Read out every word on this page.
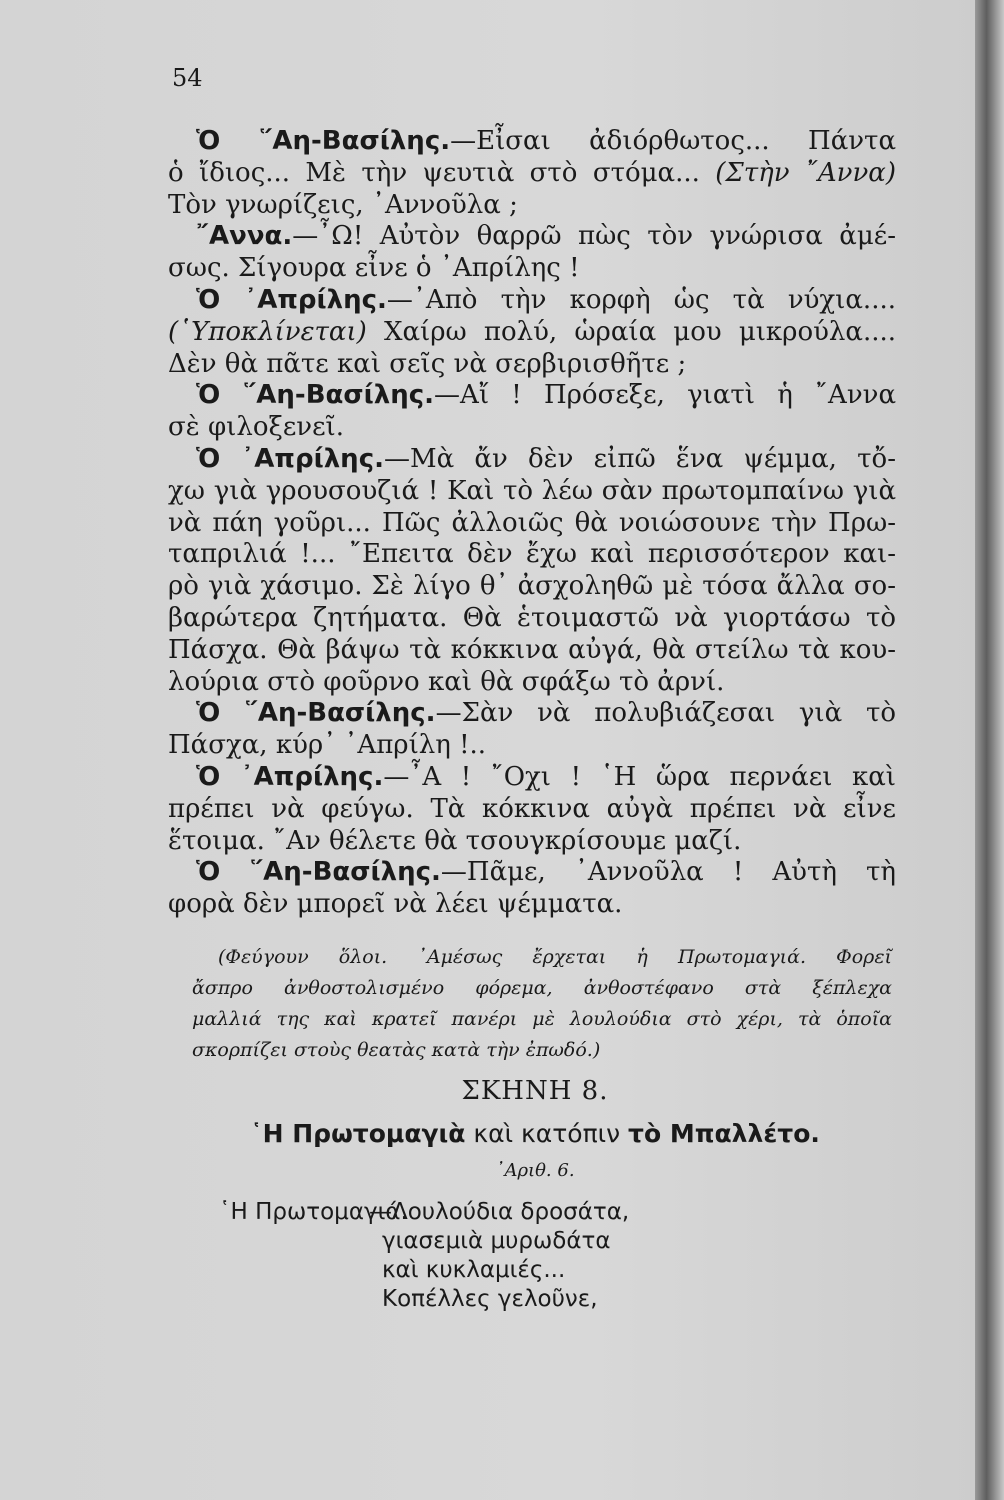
54
Ὁ ῞Αη-Βασίλης.—Εἶσαι ἀδιόρθωτος... Πάντα
ὁ ἴδιος... Μὲ τὴν ψευτιὰ στὸ στόμα... (Στὴν ῎Αννα)
Τὸν γνωρίζεις, ᾿Αννοῦλα ;
῎Αννα.—῏Ω! Αὐτὸν θαρρῶ πὼς τὸν γνώρισα ἀμέ-
σως. Σίγουρα εἶνε ὁ ᾿Απρίλης !
Ὁ ᾿Απρίλης.—᾿Απὸ τὴν κορφὴ ὡς τὰ νύχια....
(῾Υποκλίνεται) Χαίρω πολύ, ὡραία μου μικρούλα....
Δὲν θὰ πᾶτε καὶ σεῖς νὰ σερβιρισθῆτε ;
Ὁ ῞Αη-Βασίλης.—Αἴ ! Πρόσεξε, γιατὶ ἡ ῎Αννα
σὲ φιλοξενεῖ.
Ὁ ᾿Απρίλης.—Μὰ ἄν δὲν εἰπῶ ἕνα ψέμμα, τὄ-
χω γιὰ γρουσουζιά ! Καὶ τὸ λέω σὰν πρωτομπαίνω γιὰ
νὰ πάη γοῦρι... Πῶς ἀλλοιῶς θὰ νοιώσουνε τὴν Πρω-
ταπριλιά !... ῎Επειτα δὲν ἔχω καὶ περισσότερον και-
ρὸ γιὰ χάσιμο. Σὲ λίγο θ᾿ ἀσχοληθῶ μὲ τόσα ἄλλα σο-
βαρώτερα ζητήματα. Θὰ ἑτοιμαστῶ νὰ γιορτάσω τὸ
Πάσχα. Θὰ βάψω τὰ κόκκινα αὐγά, θὰ στείλω τὰ κου-
λούρια στὸ φοῦρνο καὶ θὰ σφάξω τὸ ἀρνί.
Ὁ ῞Αη-Βασίλης.—Σὰν νὰ πολυβιάζεσαι γιὰ τὸ
Πάσχα, κύρ᾿ ᾿Απρίλη !..
Ὁ ᾿Απρίλης.—῏Α ! ῎Οχι ! ῾Η ὥρα περνάει καὶ
πρέπει νὰ φεύγω. Τὰ κόκκινα αὐγὰ πρέπει νὰ εἶνε
ἕτοιμα. ῎Αν θέλετε θὰ τσουγκρίσουμε μαζί.
Ὁ ῞Αη-Βασίλης.—Πᾶμε, ᾿Αννοῦλα ! Αὐτὴ τὴ
φορὰ δὲν μπορεῖ νὰ λέει ψέμματα.
(Φεύγουν ὅλοι. ᾿Αμέσως ἔρχεται ἡ Πρωτομαγιά. Φορεῖ
ἄσπρο ἀνθοστολισμένο φόρεμα, ἀνθοστέφανο στὰ ξέπλεχα
μαλλιά της καὶ κρατεῖ πανέρι μὲ λουλούδια στὸ χέρι, τὰ ὁποῖα
σκορπίζει στοὺς θεατὰς κατὰ τὴν ἐπωδό.)
ΣΚΗΝΗ 8.
῾Η Πρωτομαγιὰ καὶ κατόπιν τὸ Μπαλλέτο.
᾿Αριθ. 6.
῾Η Πρωτομαγιά.
—Λουλούδια δροσάτα,
γιασεμιὰ μυρωδάτα
καὶ κυκλαμιές...
Κοπέλλες γελοῦνε,
